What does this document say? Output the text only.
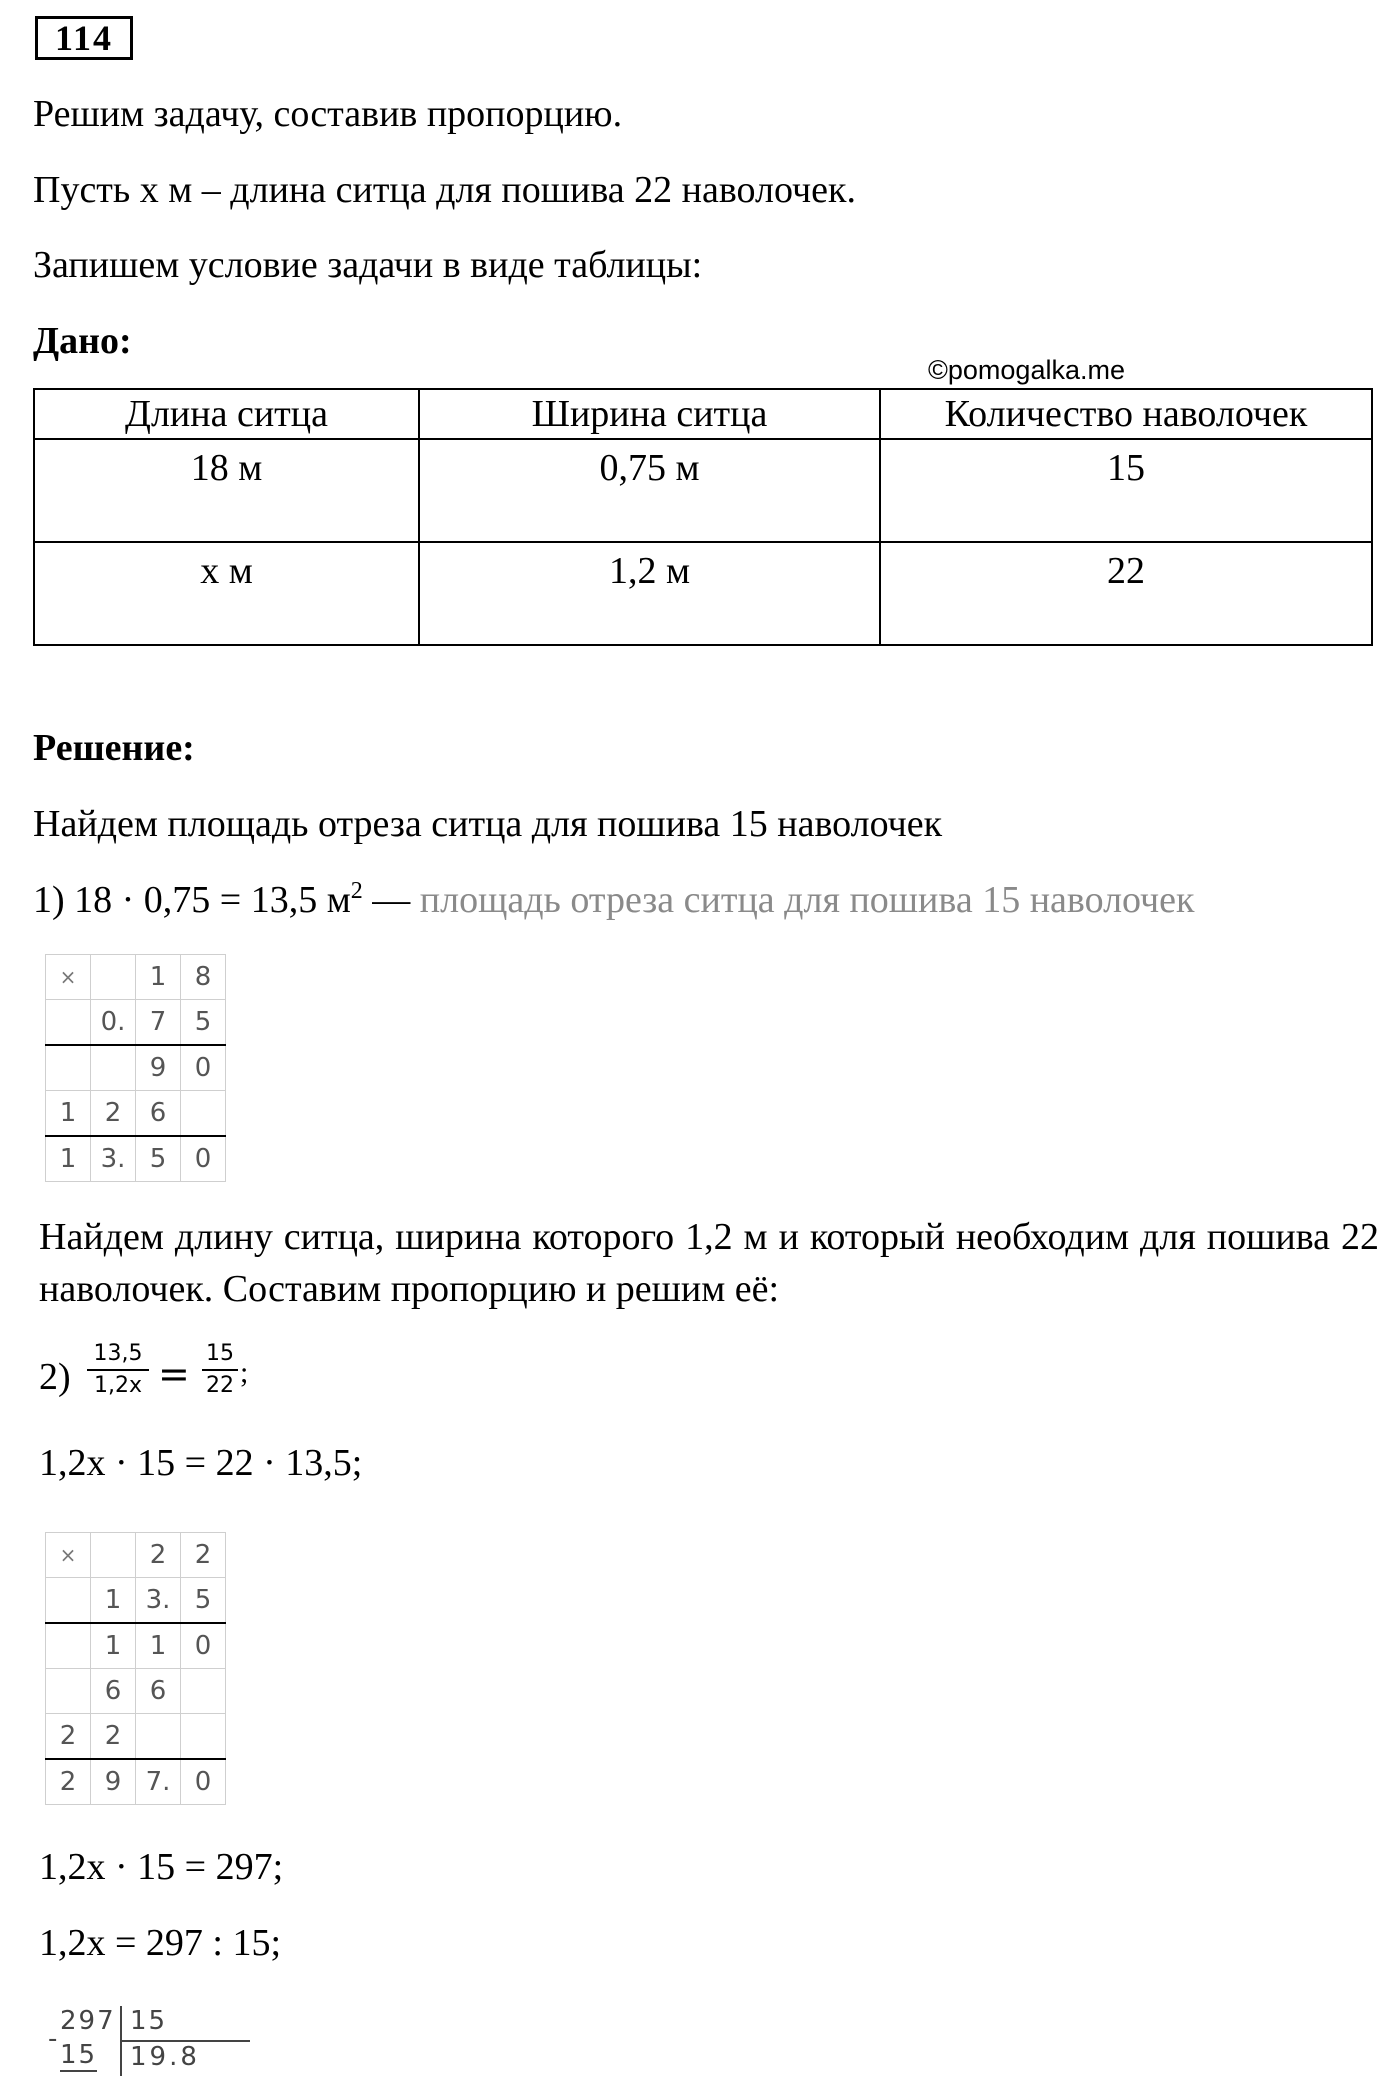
114
Решим задачу, составив пропорцию.
Пусть x м – длина ситца для пошива 22 наволочек.
Запишем условие задачи в виде таблицы:
Дано:
©pomogalka.me
Длина ситца	Ширина ситца	Количество наволочек
18 м	0,75 м	15
x м	1,2 м	22
Решение:
Найдем площадь отреза ситца для пошива 15 наволочек
1) 18 · 0,75 = 13,5 $м^2$ — площадь отреза ситца для пошива 15 наволочек
×		1	8
	0.	7	5
		9	0
1	2	6	
1	3.	5	0
Найдем длину ситца, ширина которого 1,2 м и который необходим для пошива 22 наволочек. Составим пропорцию и решим её:
$2) \frac{13,5}{1,2x} = \frac{15}{22}$ ;
1,2x · 15 = 22 · 13,5;
×		2	2
	1	3.	5
	1	1	0
	6	6	
2	2		
2	9	7.	0
1,2x · 15 = 297;
1,2x = 297 : 15;
-
297
15
15
19.8
